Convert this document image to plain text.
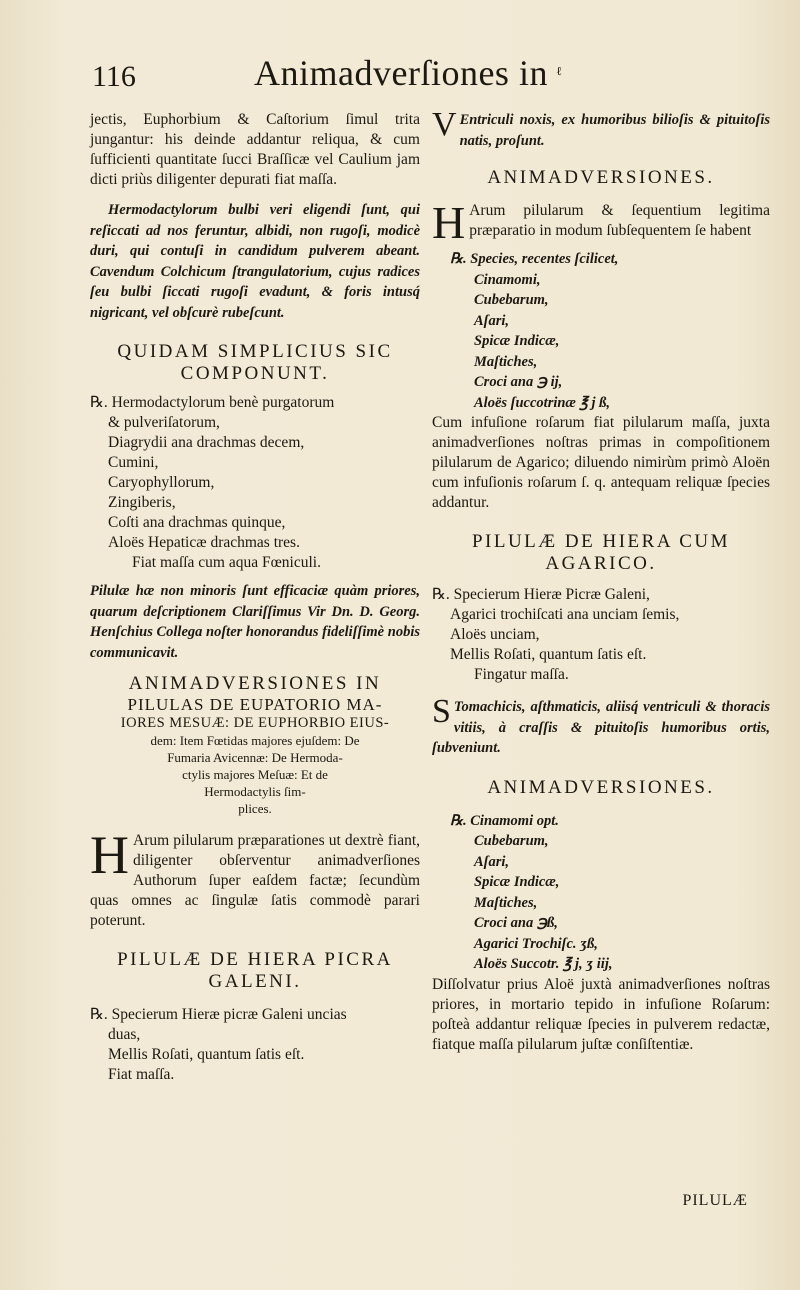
116	Animadverſiones in ℓ

jectis, Euphorbium & Caſtorium ſimul trita jungantur: his deinde addantur reliqua, & cum ſufficienti quantitate ſucci Braſſicæ vel Caulium jam dicti priùs diligenter depurati fiat maſſa.

Hermodactylorum bulbi veri eligendi ſunt, qui reſiccati ad nos feruntur, albidi, non rugoſi, modicè duri, qui contuſi in candidum pulverem abeant. Cavendum Colchicum ſtrangulatorium, cujus radices ſeu bulbi ſiccati rugoſi evadunt, & foris intusq́ nigricant, vel obſcurè rubeſcunt.

QUIDAM SIMPLICIUS SIC

COMPONUNT.

℞. Hermodactylorum benè purgatorum

& pulveriſatorum,

Diagrydii ana drachmas decem,

Cumini,

Caryophyllorum,

Zingiberis,

Coſti ana drachmas quinque,

Aloës Hepaticæ drachmas tres.

Fiat maſſa cum aqua Fœniculi.

Pilulæ hæ non minoris ſunt efficaciæ quàm priores, quarum deſcriptionem Clariſſimus Vir Dn. D. Georg. Henſchius Collega noſter honorandus fideliſſimè nobis communicavit.

ANIMADVERSIONES IN

PILULAS DE EUPATORIO MA-

IORES MESUÆ: DE EUPHORBIO EIUS-

dem: Item Fœtidas majores ejuſdem: De

Fumaria Avicennæ: De Hermoda-

ctylis majores Meſuæ: Et de

Hermodactylis ſim-

plices.

H Arum pilularum præparationes ut dextrè fiant, diligenter obſerventur animadverſiones Authorum ſuper eaſdem factæ; ſecundùm quas omnes ac ſingulæ ſatis commodè parari poterunt.

PILULÆ DE HIERA PICRA

GALENI.

℞. Specierum Hieræ picræ Galeni uncias

duas,

Mellis Roſati, quantum ſatis eſt.

Fiat maſſa.

V Entriculi noxis, ex humoribus bilioſis & pituitoſis natis, proſunt.

ANIMADVERSIONES.

H Arum pilularum & ſequentium legitima præparatio in modum ſubſequentem ſe habent

℞. Species, recentes ſcilicet,

Cinamomi,

Cubebarum,

Aſari,

Spicæ Indicæ,

Maſtiches,

Croci ana ℈ ij,

Aloës ſuccotrinæ ℥ j ß,

Cum infuſione roſarum fiat pilularum maſſa, juxta animadverſiones noſtras primas in compoſitionem pilularum de Agarico; diluendo nimirùm primò Aloën cum infuſionis roſarum ſ. q. antequam reliquæ ſpecies addantur.

PILULÆ DE HIERA CUM

AGARICO.

℞. Specierum Hieræ Picræ Galeni,

Agarici trochiſcati ana unciam ſemis,

Aloës unciam,

Mellis Roſati, quantum ſatis eſt.

Fingatur maſſa.

S Tomachicis, aſthmaticis, aliisq́ ventriculi & thoracis vitiis, à craſſis & pituitoſis humoribus ortis, ſubveniunt.

ANIMADVERSIONES.

℞. Cinamomi opt.

Cubebarum,

Aſari,

Spicæ Indicæ,

Maſtiches,

Croci ana ℈ß,

Agarici Trochiſc. ʒß,

Aloës Succotr. ℥ j, ʒ iij,

Diſſolvatur prius Aloë juxtà animadverſiones noſtras priores, in mortario tepido in infuſione Roſarum: poſteà addantur reliquæ ſpecies in pulverem redactæ, fiatque maſſa pilularum juſtæ conſiſtentiæ.

PILULÆ
